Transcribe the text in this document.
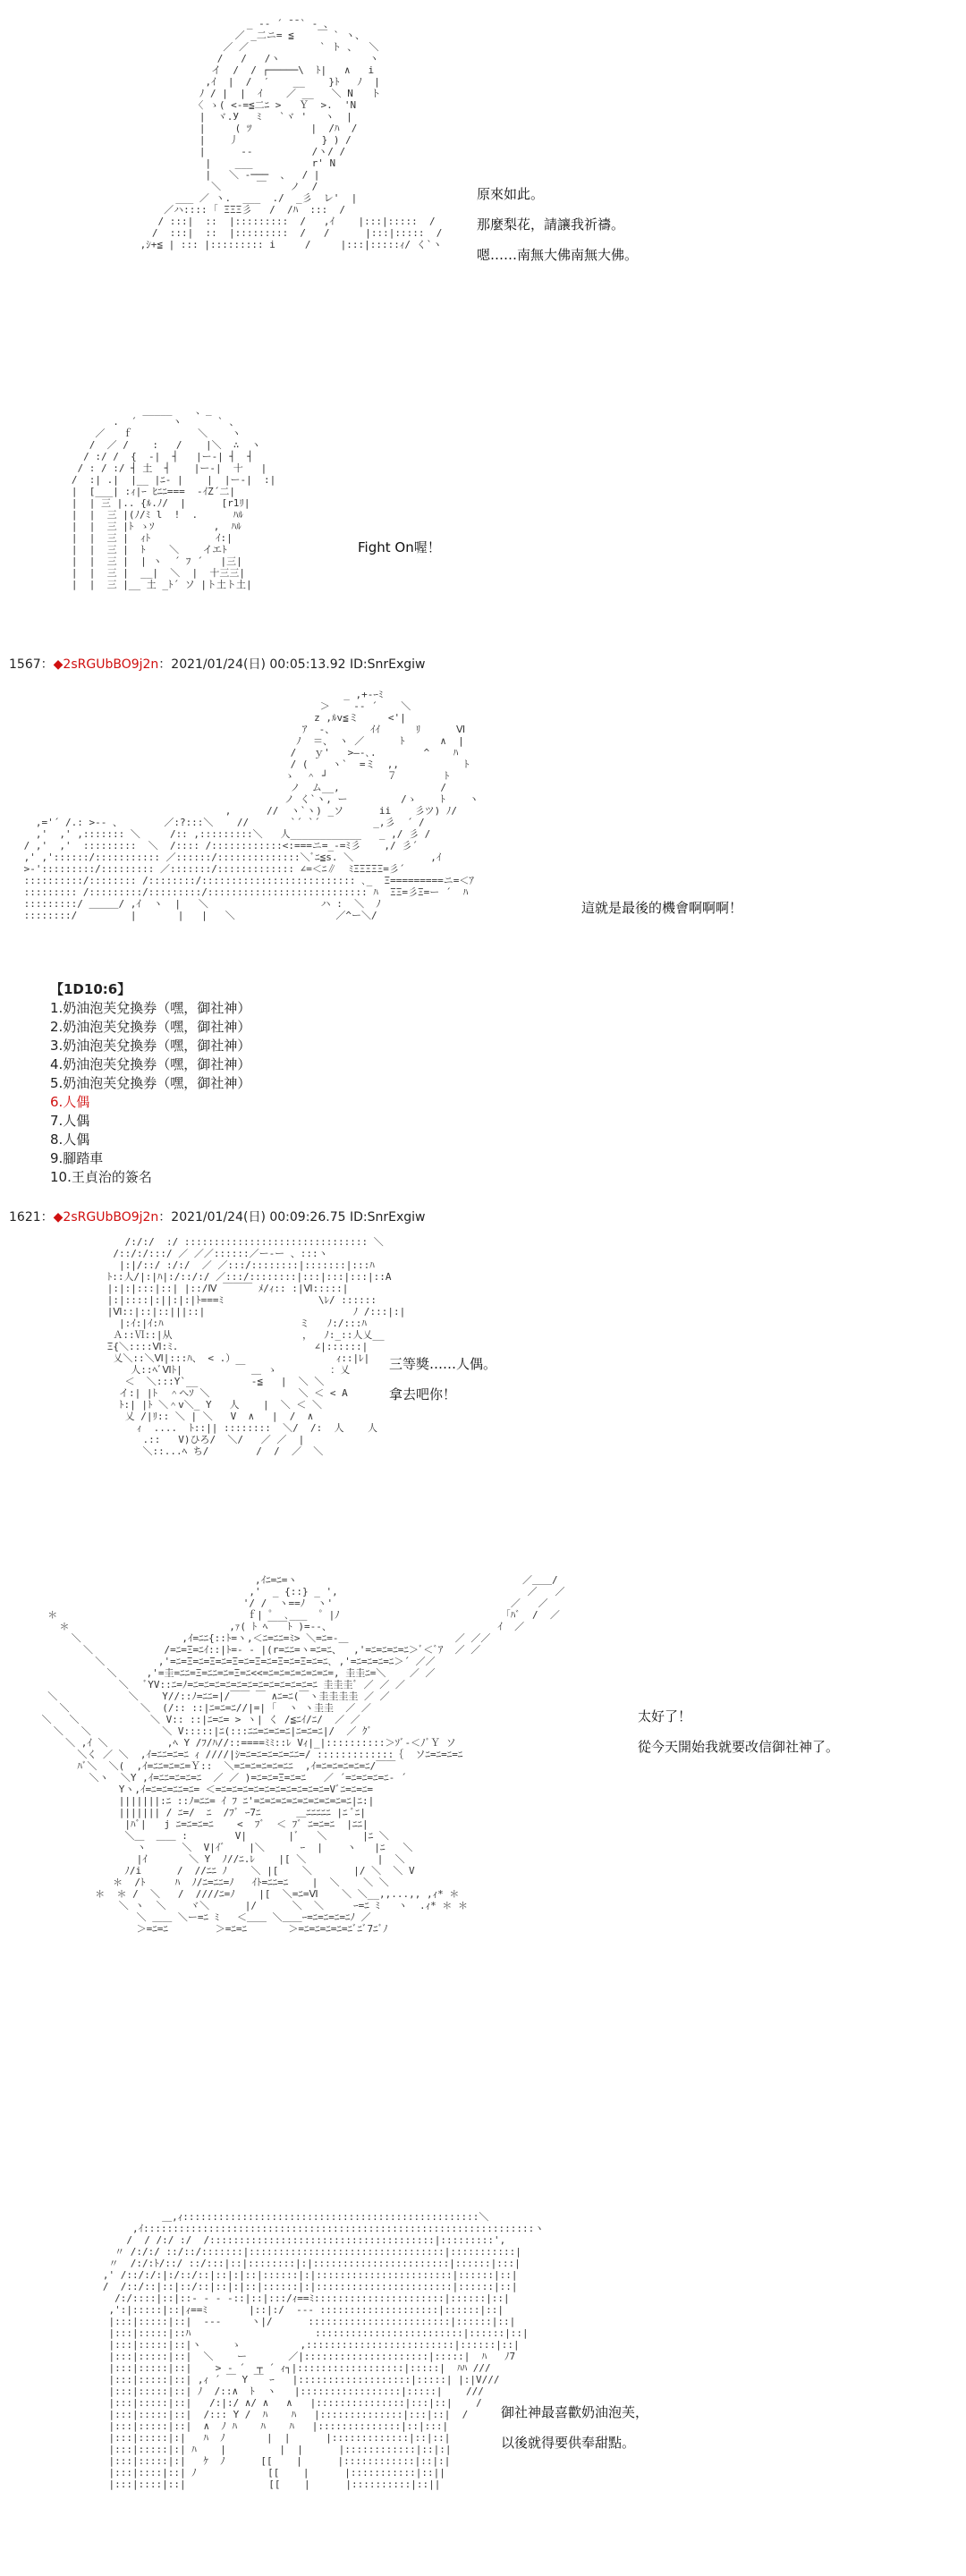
_ -‐ ´ ̄ ̄ ` ‐ 、
／ _二ニ= ≦    ￣ ` ヽ、
／ ／            ` ト 、  ＼
/   /   /ヽ               ヽ
イ  /  / ┌─────\  ﾄ|   ∧   i
,ｲ  |  /  ′    __    }ﾄ   ﾉ  |
ﾉ / |  |  ｲ    ／ __   ＼ N   ト
〈 ゝ( <-=≦二ﾆ >   Ｙ  >.  'N
|  ヾ.У   ﾐ   `ヾ '   ヽ  |
|     ( ﾂ          |  /ﾊ  /
|    丿              } ) /
|      ‐-          /ヽ/ /
|    ___          r' N
|   ＼ ‐───  、  / |
＼      ￣    ノ  /
___ ／ ヽ.  ___  ./  _彡  レ'  |
／ハ:::: ｢ ΞΞΞ彡   /  /ﾊ  :::  /
/ :::|  ::  |:::::::::  /   ,ｲ    |:::|:::::  /
/  :::|  ::  |:::::::::  /   /      |:::|:::::  /
,ｼ+≦ | ::: |::::::::: i     /     |:::|:::::ｨ/ く`ヽ
原來如此。
那麼梨花，請讓我祈禱。
嗯……南無大佛南無大佛。
_____    、_
.  ´      ヽ      ` 、
／   ｆ           ＼    ヽ
/  ／ /    :   /    |＼  ∴  ヽ
/ :/ /  {  ‐|  ┤   |ー-| ┤  ┤
/ : / :/ ┤ 土  ┤    |ー-|  十   |
/  :| .|  |__ |ﾆ- |    |  |ー-|  :|
|  [___| :ｨ|ｰ ﾋﾆﾆ===  -ｲZ´二|
|  | 三 |.. {ﾙ.ﾉ/  |      [r1ﾘ|
|  |  三 |(ﾉ/ﾐ l  !  .      ﾊﾙ
|  |  三 |ﾄ ゝｿ          ,  ﾊﾙ
|  |  三 |  ｨﾄ           ｲ:|
|  |  三 |  ﾄ    ＼    イエﾄ
|  |  三 |  | ヽ  ´ ﾌ ´   |三|
|  |  三 |  __|  ＼  |  十三三|
|  |  三 |__ 土 _ﾄ´ ソ |ト土ト土|
Fight On喔！
1567：◆2sRGUbBO9j2n：2021/01/24(日) 00:05:13.92 ID:SnrExgiw
_ ,+‐ｰﾐ
＞    -‐ ´    ＼
z ,ﾙv≦ミ     <'|
ｱ  ‐、      ｲｲ      ﾘ      Ⅵ
ﾉ  ＝、 ヽ ／      ﾄ      ∧  |
/   ｙ'   >―‐､.        ^    ﾊ
/ (    ヽ`  =ミ  ,,           ﾄ
ゝ  ＾ ┘          ７        ﾄ
ノ  ム__,                 /
ノ く`ヽ, ー         /ゝ    ﾄ    ヽ
,      //  ヽ`ヽ) _ソ      ii    彡ツ) ﾉ/
,='´ /.: >‐- 、       ／:?:::＼    //       `´ `´         _,彡  ´ /
,'  ,' ,::::::: ＼     /:: ,:::::::::＼   人____________   _ ,/ 彡 /
/ ,'  ,'  :::::::::  ＼  /:::: /::::::::::::<:===ニ=_‐=ﾐ彡    ,/ 彡´
,' ,'::::::/::::::::::: ／::::::/::::::::::::::＼ﾞﾆ≦s. ＼             ,ｲ
>‐':::::::::/::::::::: ／:::::::/::::::::::::: ∠=＜ﾆ∥  ﾐΞΞΞΞΞ=彡´
::::::::::/:::::::: /::::::::/:::::::::::::::::::::::::: ､_  Ξ=========ニ=＜ｱ
::::::::: /:::::::::/:::::::::/::::::::::::::::::::::::::: ﾊ  ΞΞ=彡Ξ=ー ´  ﾊ
:::::::::/ ＿＿＿/ ,ｲ  ヽ  |   ＼                   ハ :  ＼  ﾉ
::::::::/         |       |   |   ＼                 ／^ー＼/	這就是最後的機會啊啊啊！
【1D10:6】
1.奶油泡芙兌換券（嘿，御社神）
2.奶油泡芙兌換券（嘿，御社神）
3.奶油泡芙兌換券（嘿，御社神）
4.奶油泡芙兌換券（嘿，御社神）
5.奶油泡芙兌換券（嘿，御社神）
6.人偶
7.人偶
8.人偶
9.腳踏車
10.王貞治的簽名
1621：◆2sRGUbBO9j2n：2021/01/24(日) 00:09:26.75 ID:SnrExgiw
/:/:/  :/ ::::::::::::::::::::::::::::::: ＼
/::/:/:::/ ／ ／／::::::／ー‐ー 、:::ヽ
|:|/::/ :/:/  ／ ／:::/::::::::|:::::::|:::ﾊ
ﾄ::人/|:|ﾊ|:/::/:/ ／:::/::::::::|:::|:::|:::|::A
|:|:|:::|::| |::/Ⅳ ￣￣￣ ﾒ/ｨ:: :|Ⅵ:::::|
|:|::::|:||:|:|ﾄ===ﾐ                \ﾚ/ ::::::
|Ⅵ::|::|::|||::|                         ﾉ /:::|:|
|:ｲ:|ｲ:ﾊ                       ミ   ﾉ:/:::ﾊ
Ａ::Ⅵ::|从                      ，  ﾉ:_::人乂__
Ξ{＼::::Ⅵ:ﾐ.                       ∠|::::::|
乂＼::＼Ⅵ|:::ﾊ、 < .）                 ｨ::|ﾚ|
人::ﾍﾞⅥﾄ|         ￣ ＿ ゝ         ：乂
＜  ＼:::Y`__         ‐≦   |  ＼ ＼
イ:| |ﾄ  ＾へｿ ＼               ＼ ＜ < A
ﾄ:| |ﾄ ＼＾v＼_ Y   人    |  ＼ ＜ ＼
乂 /|ﾘ:: ＼ | ＼   V  ∧   |  /  ∧
ｨ  ....  ﾄ::|| ::::::::  ＼/  /:  人    人
.::   V)ひろ/  ＼/   ／ ／  |
＼::...ﾍ ち/        /  /  ／  ＼
三等獎……人偶。
拿去吧你！
,ｲﾆ=ﾆ=ヽ                                      ／＿＿/
,'  _ {::} _ ',                                ／   ／
'/ /  ヽ==ﾉ  ヽ'                              ／   ／
＊                                ｆ| ゜ ､___  ゜|ﾉ                            ｢ﾊﾞ  /  ／
＊                           ,ｧ( ﾄ ﾍ￣￣ﾄ )=‐‐、                            ｲ  ／
＼                 ,ｲ=ﾆﾆ{::ﾄ=ヽ,＜ﾆ=ﾆﾆ=ﾐ> ＼=ﾆ=‐＿                  ／ ／／
＼            /=ﾆ=Ξ=ﾆｲ::|ﾄ=‐ ‐ |(r=ﾆﾆ=ヽ=ﾆ=ﾆ、  ,'=ﾆ=ﾆ=ﾆ=ﾆ＞ﾞ＜ﾞｱ  ／ ／
＼         ,'=ﾆ=Ξ=ﾆ=Ξ=ﾆ=Ξ=ﾆ=Ξ=ﾆ=Ξ=ﾆ=Ξ=ﾆ=ﾆ､ ,'=ﾆ=ﾆ=ﾆ=ﾆ＞´ ／／
＼     ,'=圭=ﾆﾆ=Ξ=ﾆﾆ=ﾆ=Ξ=ﾆ<<=ﾆ=ﾆ=ﾆ=ﾆ=ﾆ=ﾆ=, 圭圭ﾆ=＼    ／ ／
＼   ﾞYV::ﾆ=ﾉ=ﾆ=ﾆ=ﾆ=ﾆ=ﾆ=ﾆ=ﾆ=ﾆ=ﾆ=ﾆ=ﾆ=ﾆ 圭圭圭ﾞ ／ ／ ／
＼            ＼    Y//::ﾉ=ﾆﾆ=|/￣￣ ￣ ∧ﾆ=ﾆ(￣ヽ圭圭圭圭 ／ ／
＼            ＼  (/:: ::|ﾆ=ﾆ=ﾆ//|=| ｢  ヽ ヽ圭圭  ／ ／
＼   ＼            ＼ V:: ::|ﾆ=ﾆ= > ヽ| く /≦ﾆｲ/ﾆ/  ／ ／
＼   ＼            ＼ V:::::|ﾆ(:::ﾆﾆ=ﾆ=ﾆ=ﾆ|ﾆ=ﾆ=ﾆ|/  ／ ｸﾞ
＼ ,ｲ ＼          ,ﾍ Y /ﾌ/ﾊ//::====ﾐﾐ::ﾚ Vｨ|_|::::::::::＞ｿﾞ‐＜ﾉﾞＹ ソ
＼く ／ ＼  ,ｲ=ﾆﾆ=ﾆ=ﾆ ｨ ////|ｼ=ﾆ=ﾆ=ﾆ=ﾆ=ﾆﾆ=/ :::::::::::::｛  ソﾆ=ﾆ=ﾆ=ﾆ
ﾊﾞ＼  ＼(  ,ｲ=ﾆﾆ=ﾆ=ﾆ=Ｙ::  ＼=ﾆ=ﾆ=ﾆ=ﾆ=ﾆﾆ  ,ｲ=ﾆ=ﾆ=ﾆ=ﾆ=ﾆ/￣￣
＼ヽ  ＼Y ,ｲ=ﾆﾆ=ﾆ=ﾆ=ﾆ  ／ ／ )=ﾆ=ﾆ=Ξ=ﾆ=ﾆ   ／ ´=ﾆ=ﾆ=ﾆ=ﾆ‐ ´
Yヽ,ｲ=ﾆ=ﾆ=ﾆﾆ=ﾆ= ＜=ﾆ=ﾆ=ﾆ=ﾆ=ﾆ=ﾆ=ﾆ=ﾆ=ﾆ=ﾆ=Vﾞﾆ=ﾆ=ﾆ=
|||||||:ﾆ ::ﾉ=ﾆﾆ= ｲ ﾌ ﾆ'=ﾆ=ﾆ=ﾆ=ﾆ=ﾆ=ﾆ=ﾆ=ﾆ=ﾆ|ﾆ:|
||||||| / ﾆ=/  ﾆ  /ﾌﾞ ｰ7ﾆ      ＿ﾆﾆﾆﾆﾆ |ﾆ ﾞﾆ|
|ﾊﾞ|   j ﾆ=ﾆ=ﾆ=ﾆ    <  ﾌﾞ  ＜ ﾌﾞ ﾆ=ﾆ=ﾆ  |ﾆﾆ|
＼＿  ＿＿ :        V|       |ﾞ   ＼      |ﾆ ＼
ヽ      ＼  V|ｲﾞ    |＼      ｰ  |    ヽ   |ﾆ   ＼
|ｲ       ＼ Y  ﾉ//ﾆ.ﾚ    |[ ＼            |  ＼
ﾉ/i      /  //ﾆﾆ ﾉ    ＼ |[    ＼       |/ ＼  ＼ V
＊  /ﾄ     ﾊ  ﾉ/ﾆ=ﾆﾆ=ﾉ   ｲﾄ=ﾆﾆ=ﾆ    |  ＼    ＼ ＼
＊  ＊ /  ＼   /  ////ﾆ=ﾉ    |[  ＼=ﾆ=Ⅵ    ＼ ＼__,,...,, ,ｨ* ＊
＼ ヽ  ＼    ヾ＼      |/      ＼  ＼     ｰ=ﾆ ﾐ   ヽ  .ｨ* ＊ ＊
＼ ＿＿ ＼ー=ﾆ ﾐ   ＜＿＿ ＼＿＿ｰ=ﾆ=ﾆ=ﾆ=ﾆﾉ ／
＞=ﾆ=ﾆ        ＞=ﾆ=ﾆ       ＞=ﾆ=ﾆ=ﾆ=ﾆ=ﾆﾞﾆﾞ7ﾆﾞﾉ
太好了！
從今天開始我就要改信御社神了。
＿,ｨ::::::::::::::::::::::::::::::::::::::::::::::::::＼
,ｲ::::::::::::::::::::::::::::::::::::::::::::::::::::::::::::::::::ヽ
/  / /:/ :/  /::::::::::::::::::::::::::::::::::::::|:::::::::',
〃 /:/:/ ::/::/:::::::|:::::::::::::::::::::::::::::::::|:::::::::::|
〃  /:/:ﾄ/::/ ::/:::|::|::::::::|:|:::::::::::::::::::::::|::::::|:::|
,' /::/:/:|:/::/::|::|:|::|::::::|:|:::::::::::::::::::::::|::::::|::|
/  /::/::|::|::/::|::|:|::|::::::|:|:::::::::::::::::::::::|::::::|::|
/:/::::|::|::‐ ‐ ‐ ‐::|::|:::/ｨ==ﾐ::::::::::::::::::::::|::::::|::|
,':|:::::|::|ｨ==ﾐ       |::|:/  ‐-‐ ::::::::::::::::::::|::::::|::|
|:::|:::::|::|  ‐-‐     ヽ|/      ::::::::::::::::::::::::|::::::|::|
|:::|:::::|::ﾊ                     :::::::::::::::::::::::::|::::::|::|
|:::|:::::|::|ヽ     ゝ          ,:::::::::::::::::::::::::|::::::|::|
|:::|:::::|::|  ＼    ー       ／|:::::::::::::::::::::|:::::|  ﾊ   ﾉ7
|:::|:::::|::|    > ‐ ´  ┬ ´ ｨ┐|::::::::::::::::::|:::::|  ﾊﾊ ///
|:::|:::::|::| ,ｨ ´ ￣ Y ￣ ｰ   |:::::::::::::::::::|:::::| |:|V///
|:::|:::::|::| ﾉ  /::∧  ﾄ  ヽ   |:::::::::::::::::|:::::|    ///
|:::|:::::|::|   /:|:/ ∧/ ∧   ∧   |:::::::::::::::|:::|::|    /
|:::|:::::|::|  /::: Y /  ﾊ    ﾊ   |::::::::::::::|:::|::|  /
|:::|:::::|::|  ∧  ﾉ ﾊ    ﾊ    ﾊ   |::::::::::::::|::|:::|
|:::|:::::|:|   ﾊ  ﾉ       |  |      |:::::::::::::|::|::|
|:::|:::::|:| ﾊ    |         |  |      |::::::::::::|::|:|
|:::|:::::|:|   ｹ  ﾉ      [[    |      |::::::::::::|::|:|
|:::|::::|::| ﾉ            [[    |      |:::::::::::|::||
|:::|::::|::|              [[    |      |::::::::::|::||
御社神最喜歡奶油泡芙，
以後就得要供奉甜點。
